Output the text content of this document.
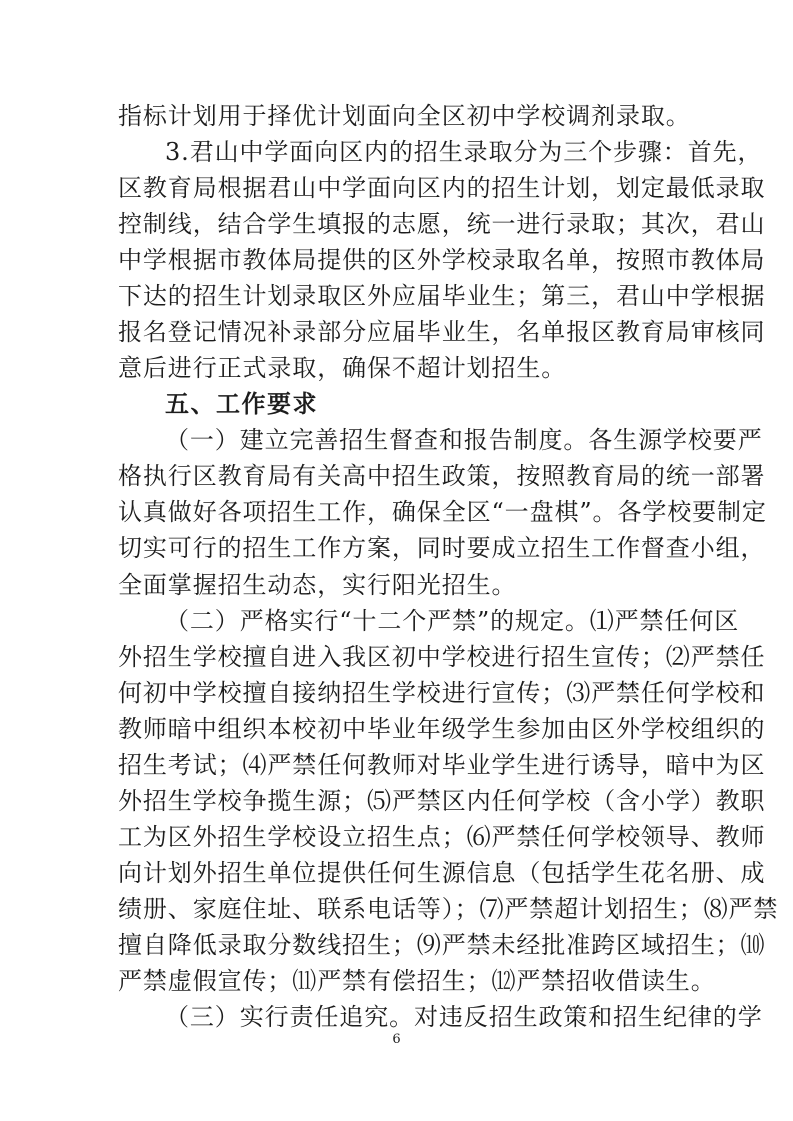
指标计划用于择优计划面向全区初中学校调剂录取。
3.君山中学面向区内的招生录取分为三个步骤：首先，
区教育局根据君山中学面向区内的招生计划，划定最低录取
控制线，结合学生填报的志愿，统一进行录取；其次，君山
中学根据市教体局提供的区外学校录取名单，按照市教体局
下达的招生计划录取区外应届毕业生；第三，君山中学根据
报名登记情况补录部分应届毕业生，名单报区教育局审核同
意后进行正式录取，确保不超计划招生。
五、工作要求
（一）建立完善招生督查和报告制度。各生源学校要严
格执行区教育局有关高中招生政策，按照教育局的统一部署
认真做好各项招生工作，确保全区“一盘棋”。各学校要制定
切实可行的招生工作方案，同时要成立招生工作督查小组，
全面掌握招生动态，实行阳光招生。
（二）严格实行“十二个严禁”的规定。⑴严禁任何区
外招生学校擅自进入我区初中学校进行招生宣传；⑵严禁任
何初中学校擅自接纳招生学校进行宣传；⑶严禁任何学校和
教师暗中组织本校初中毕业年级学生参加由区外学校组织的
招生考试；⑷严禁任何教师对毕业学生进行诱导，暗中为区
外招生学校争揽生源；⑸严禁区内任何学校（含小学）教职
工为区外招生学校设立招生点；⑹严禁任何学校领导、教师
向计划外招生单位提供任何生源信息（包括学生花名册、成
绩册、家庭住址、联系电话等）；⑺严禁超计划招生；⑻严禁
擅自降低录取分数线招生；⑼严禁未经批准跨区域招生；⑽
严禁虚假宣传；⑾严禁有偿招生；⑿严禁招收借读生。
（三）实行责任追究。对违反招生政策和招生纪律的学
6
